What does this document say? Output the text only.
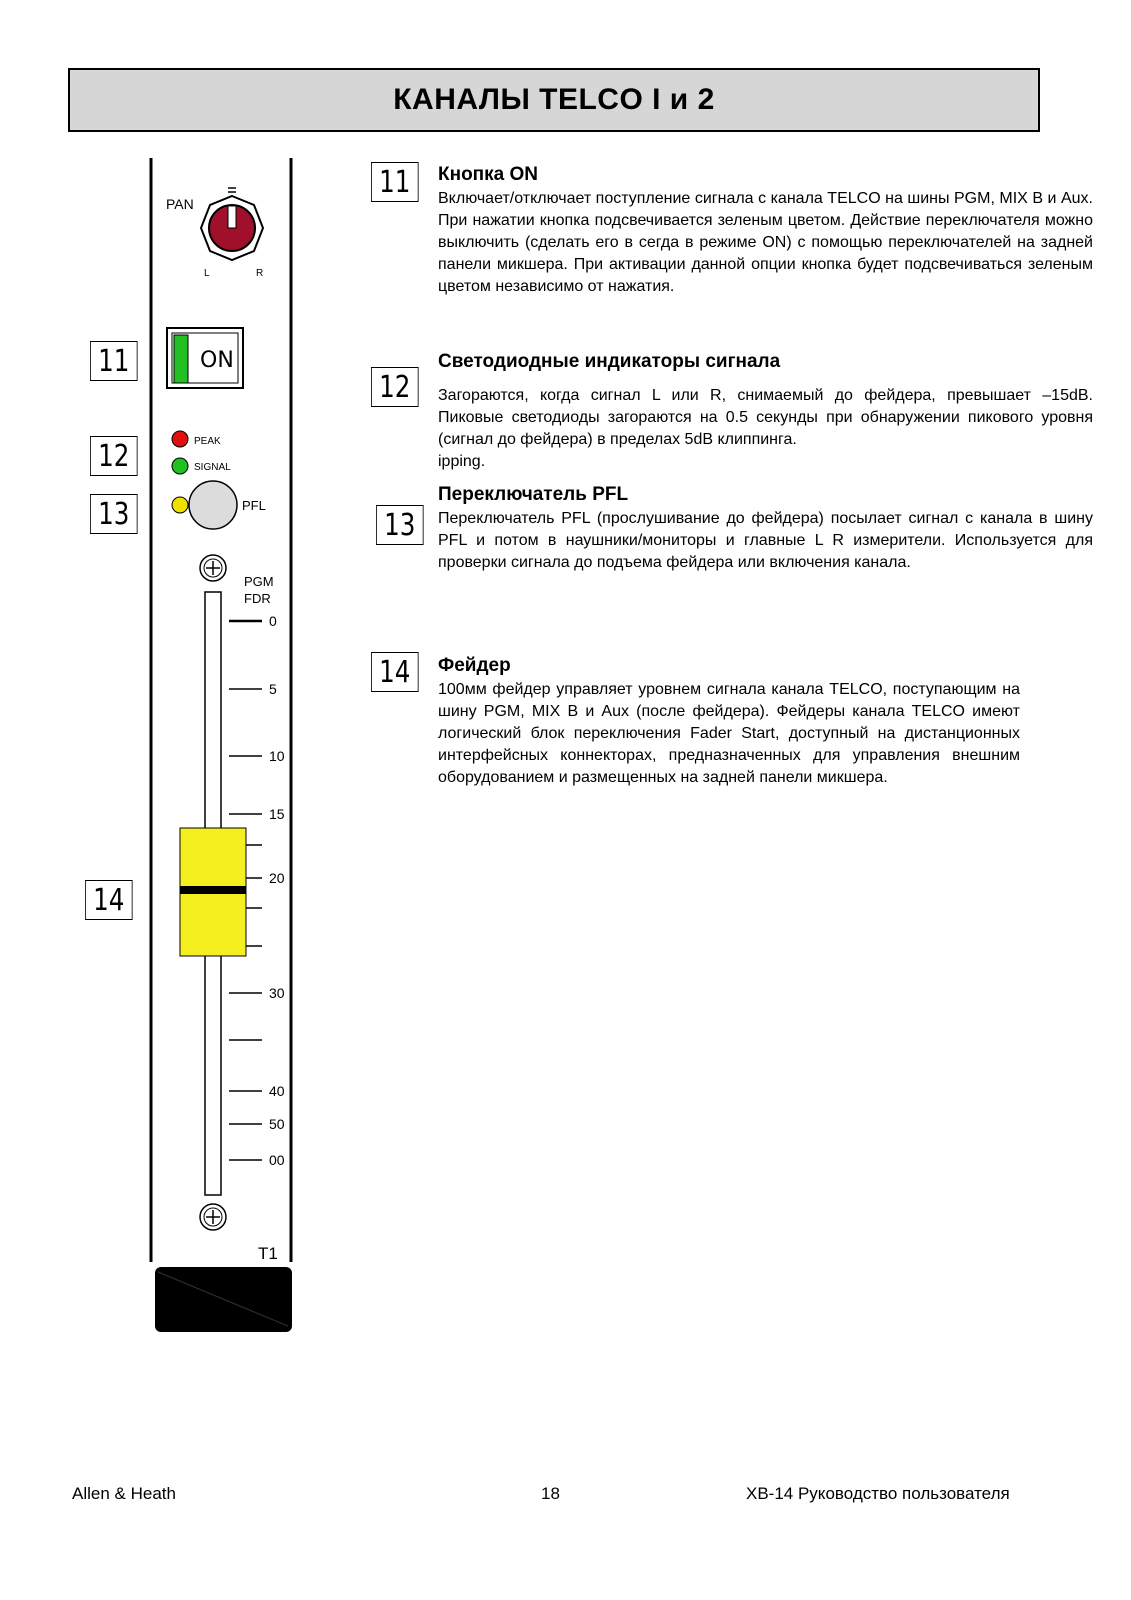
КАНАЛЫ TELCO I и 2
PAN
L	R
ON
PEAK
SIGNAL
PFL
PGM
FDR
0
5
10
15
20
30
40
50
00
T1
11
12
13
14
11
12
13
14
Кнопка ON

Включает/отключает поступление сигнала с канала TELCO на шины PGM, MIX B и Aux. При нажатии кнопка подсвечивается зеленым цветом. Действие переключателя можно выключить (сделать его в сегда в режиме ON) с помощью переключателей на задней панели микшера. При активации данной опции кнопка будет подсвечиваться зеленым цветом независимо от нажатия.

Светодиодные индикаторы сигнала

Загораются, когда сигнал L или R, снимаемый до фейдера, превышает –15dB. Пиковые светодиоды загораются на 0.5 секунды при обнаружении пикового уровня (сигнал до фейдера) в пределах 5dB клиппинга.

ipping.

Переключатель PFL

Переключатель PFL (прослушивание до фейдера) посылает сигнал с канала в шину PFL и потом в наушники/мониторы и главные L R измерители. Используется для проверки сигнала до подъема фейдера или включения канала.

Фейдер

100мм фейдер управляет уровнем сигнала канала TELCO, поступающим на шину PGM, MIX B и Aux (после фейдера). Фейдеры канала TELCO имеют логический блок переключения Fader Start, доступный на дистанционных интерфейсных коннекторах, предназначенных для управления внешним оборудованием и размещенных на задней панели микшера.

Allen & Heath	18	XB-14 Руководство пользователя
